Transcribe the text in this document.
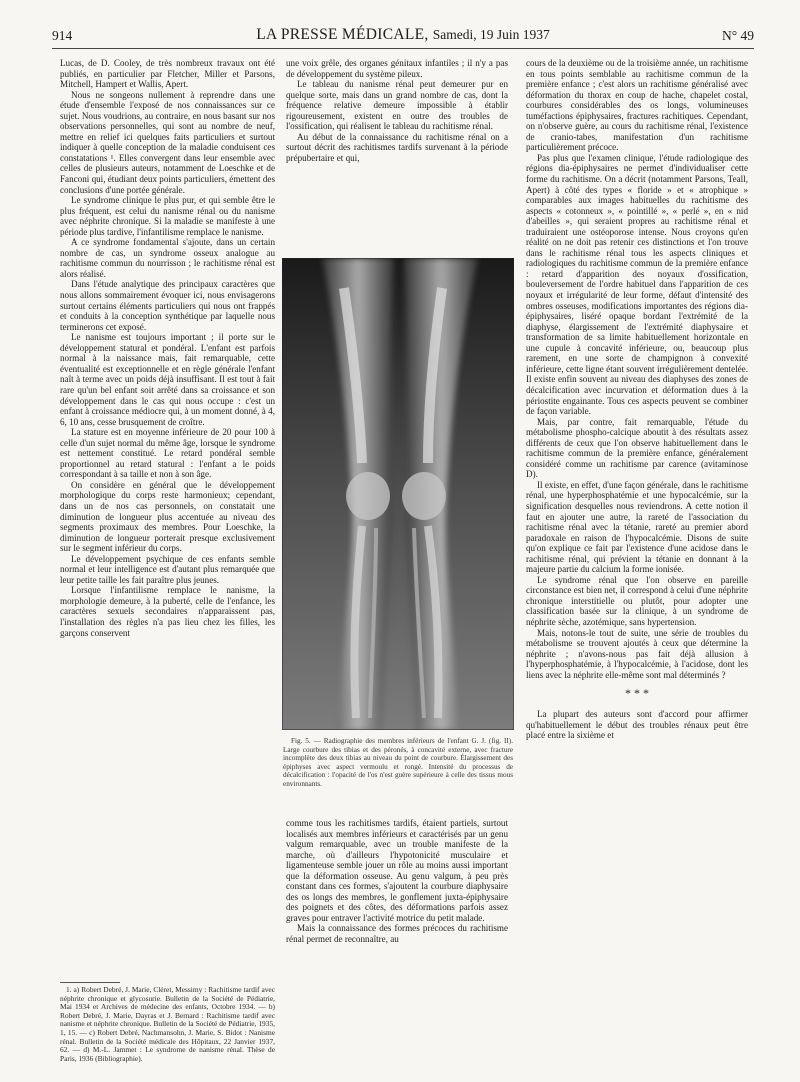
914	LA PRESSE MÉDICALE, Samedi, 19 Juin 1937	N° 49

Lucas, de D. Cooley, de très nombreux travaux ont été publiés, en particulier par Fletcher, Miller et Parsons, Mitchell, Hampert et Wallis, Apert.

Nous ne songeons nullement à reprendre dans une étude d'ensemble l'exposé de nos connaissances sur ce sujet. Nous voudrions, au contraire, en nous basant sur nos observations personnelles, qui sont au nombre de neuf, mettre en relief ici quelques faits particuliers et surtout indiquer à quelle conception de la maladie conduisent ces constatations ¹. Elles convergent dans leur ensemble avec celles de plusieurs auteurs, notamment de Loeschke et de Fanconi qui, étudiant deux points particuliers, émettent des conclusions d'une portée générale.

Le syndrome clinique le plus pur, et qui semble être le plus fréquent, est celui du nanisme rénal ou du nanisme avec néphrite chronique. Si la maladie se manifeste à une période plus tardive, l'infantilisme remplace le nanisme.

A ce syndrome fondamental s'ajoute, dans un certain nombre de cas, un syndrome osseux analogue au rachitisme commun du nourrisson ; le rachitisme rénal est alors réalisé.

Dans l'étude analytique des principaux caractères que nous allons sommairement évoquer ici, nous envisagerons surtout certains éléments particuliers qui nous ont frappés et conduits à la conception synthétique par laquelle nous terminerons cet exposé.

Le nanisme est toujours important ; il porte sur le développement statural et pondéral. L'enfant est parfois normal à la naissance mais, fait remarquable, cette éventualité est exceptionnelle et en règle générale l'enfant naît à terme avec un poids déjà insuffisant. Il est tout à fait rare qu'un bel enfant soit arrêté dans sa croissance et son développement dans le cas qui nous occupe : c'est un enfant à croissance médiocre qui, à un moment donné, à 4, 6, 10 ans, cesse brusquement de croître.

La stature est en moyenne inférieure de 20 pour 100 à celle d'un sujet normal du même âge, lorsque le syndrome est nettement constitué. Le retard pondéral semble proportionnel au retard statural : l'enfant a le poids correspondant à sa taille et non à son âge.

On considère en général que le développement morphologique du corps reste harmonieux; cependant, dans un de nos cas personnels, on constatait une diminution de longueur plus accentuée au niveau des segments proximaux des membres. Pour Loeschke, la diminution de longueur porterait presque exclusivement sur le segment inférieur du corps.

Le développement psychique de ces enfants semble normal et leur intelligence est d'autant plus remarquée que leur petite taille les fait paraître plus jeunes.

Lorsque l'infantilisme remplace le nanisme, la morphologie demeure, à la puberté, celle de l'enfance, les caractères sexuels secondaires n'apparaissent pas, l'installation des règles n'a pas lieu chez les filles, les garçons conservent

1. a) Robert Debré, J. Marie, Cléret, Messimy : Rachitisme tardif avec néphrite chronique et glycosurie. Bulletin de la Société de Pédiatrie, Mai 1934 et Archives de médecine des enfants, Octobre 1934. — b) Robert Debré, J. Marie, Dayras et J. Bernard : Rachitisme tardif avec nanisme et néphrite chronique. Bulletin de la Société de Pédiatrie, 1935, 1, 15. — c) Robert Debré, Nachmansohn, J. Marie, S. Bidot : Nanisme rénal. Bulletin de la Société médicale des Hôpitaux, 22 Janvier 1937, 62. — d) M.-L. Jammet : Le syndrome de nanisme rénal. Thèse de Paris, 1936 (Bibliographie).

une voix grêle, des organes génitaux infantiles ; il n'y a pas de développement du système pileux.

Le tableau du nanisme rénal peut demeurer pur en quelque sorte, mais dans un grand nombre de cas, dont la fréquence relative demeure impossible à établir rigoureusement, existent en outre des troubles de l'ossification, qui réalisent le tableau du rachitisme rénal.

Au début de la connaissance du rachitisme rénal on a surtout décrit des rachitismes tardifs survenant à la période prépubertaire et qui,

Fig. 5. — Radiographie des membres inférieurs de l'enfant G. J. (fig. II). Large courbure des tibias et des péronés, à concavité externe, avec fracture incomplète des deux tibias au niveau du point de courbure. Élargissement des épiphyses avec aspect vermoulu et rongé. Intensité du processus de décalcification : l'opacité de l'os n'est guère supérieure à celle des tissus mous environnants.

comme tous les rachitismes tardifs, étaient partiels, surtout localisés aux membres inférieurs et caractérisés par un genu valgum remarquable, avec un trouble manifeste de la marche, où d'ailleurs l'hypotonicité musculaire et ligamenteuse semble jouer un rôle au moins aussi important que la déformation osseuse. Au genu valgum, à peu près constant dans ces formes, s'ajoutent la courbure diaphysaire des os longs des membres, le gonflement juxta-épiphysaire des poignets et des côtes, des déformations parfois assez graves pour entraver l'activité motrice du petit malade.

Mais la connaissance des formes précoces du rachitisme rénal permet de reconnaître, au

cours de la deuxième ou de la troisième année, un rachitisme en tous points semblable au rachitisme commun de la première enfance ; c'est alors un rachitisme généralisé avec déformation du thorax en coup de hache, chapelet costal, courbures considérables des os longs, volumineuses tuméfactions épiphysaires, fractures rachitiques. Cependant, on n'observe guère, au cours du rachitisme rénal, l'existence de cranio-tabes, manifestation d'un rachitisme particulièrement précoce.

Pas plus que l'examen clinique, l'étude radiologique des régions dia-épiphysaires ne permet d'individualiser cette forme du rachitisme. On a décrit (notamment Parsons, Teall, Apert) à côté des types « floride » et « atrophique » comparables aux images habituelles du rachitisme des aspects « cotonneux », « pointillé », « perlé », en « nid d'abeilles », qui seraient propres au rachitisme rénal et traduiraient une ostéoporose intense. Nous croyons qu'en réalité on ne doit pas retenir ces distinctions et l'on trouve dans le rachitisme rénal tous les aspects cliniques et radiologiques du rachitisme commun de la première enfance : retard d'apparition des noyaux d'ossification, bouleversement de l'ordre habituel dans l'apparition de ces noyaux et irrégularité de leur forme, défaut d'intensité des ombres osseuses, modifications importantes des régions dia-épiphysaires, liséré opaque bordant l'extrémité de la diaphyse, élargissement de l'extrémité diaphysaire et transformation de sa limite habituellement horizontale en une cupule à concavité inférieure, ou, beaucoup plus rarement, en une sorte de champignon à convexité inférieure, cette ligne étant souvent irrégulièrement dentelée. Il existe enfin souvent au niveau des diaphyses des zones de décalcification avec incurvation et déformation dues à la périostite engainante. Tous ces aspects peuvent se combiner de façon variable.

Mais, par contre, fait remarquable, l'étude du métabolisme phospho-calcique aboutit à des résultats assez différents de ceux que l'on observe habituellement dans le rachitisme commun de la première enfance, généralement considéré comme un rachitisme par carence (avitaminose D).

Il existe, en effet, d'une façon générale, dans le rachitisme rénal, une hyperphosphatémie et une hypocalcémie, sur la signification desquelles nous reviendrons. A cette notion il faut en ajouter une autre, la rareté de l'association du rachitisme rénal avec la tétanie, rareté au premier abord paradoxale en raison de l'hypocalcémie. Disons de suite qu'on explique ce fait par l'existence d'une acidose dans le rachitisme rénal, qui prévient la tétanie en donnant à la majeure partie du calcium la forme ionisée.

Le syndrome rénal que l'on observe en pareille circonstance est bien net, il correspond à celui d'une néphrite chronique interstitielle ou plutôt, pour adopter une classification basée sur la clinique, à un syndrome de néphrite sèche, azotémique, sans hypertension.

Mais, notons-le tout de suite, une série de troubles du métabolisme se trouvent ajoutés à ceux que détermine la néphrite ; n'avons-nous pas fait déjà allusion à l'hyperphosphatémie, à l'hypocalcémie, à l'acidose, dont les liens avec la néphrite elle-même sont mal déterminés ?

* * *

La plupart des auteurs sont d'accord pour affirmer qu'habituellement le début des troubles rénaux peut être placé entre la sixième et
